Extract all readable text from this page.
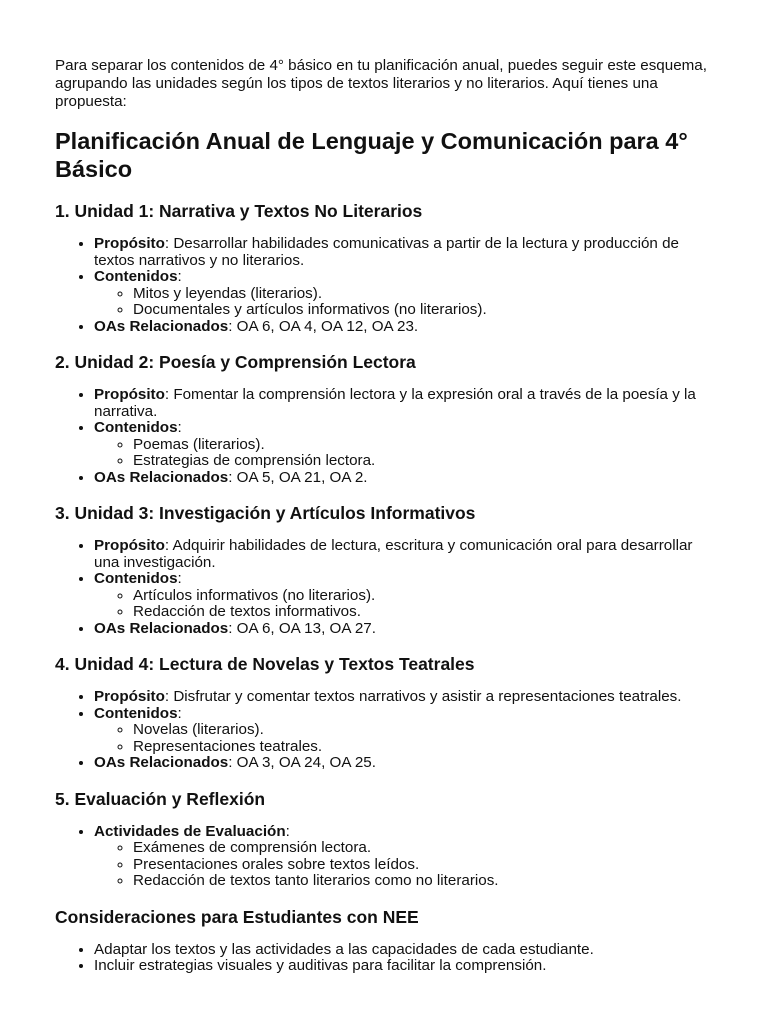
Para separar los contenidos de 4° básico en tu planificación anual, puedes seguir este esquema, agrupando las unidades según los tipos de textos literarios y no literarios. Aquí tienes una propuesta:

Planificación Anual de Lenguaje y Comunicación para 4° Básico
1. Unidad 1: Narrativa y Textos No Literarios
• Propósito: Desarrollar habilidades comunicativas a partir de la lectura y producción de textos narrativos y no literarios.
• Contenidos:
◦ Mitos y leyendas (literarios).
◦ Documentales y artículos informativos (no literarios).
• OAs Relacionados: OA 6, OA 4, OA 12, OA 23.
2. Unidad 2: Poesía y Comprensión Lectora
• Propósito: Fomentar la comprensión lectora y la expresión oral a través de la poesía y la narrativa.
• Contenidos:
◦ Poemas (literarios).
◦ Estrategias de comprensión lectora.
• OAs Relacionados: OA 5, OA 21, OA 2.
3. Unidad 3: Investigación y Artículos Informativos
• Propósito: Adquirir habilidades de lectura, escritura y comunicación oral para desarrollar una investigación.
• Contenidos:
◦ Artículos informativos (no literarios).
◦ Redacción de textos informativos.
• OAs Relacionados: OA 6, OA 13, OA 27.
4. Unidad 4: Lectura de Novelas y Textos Teatrales
• Propósito: Disfrutar y comentar textos narrativos y asistir a representaciones teatrales.
• Contenidos:
◦ Novelas (literarios).
◦ Representaciones teatrales.
• OAs Relacionados: OA 3, OA 24, OA 25.
5. Evaluación y Reflexión
• Actividades de Evaluación:
◦ Exámenes de comprensión lectora.
◦ Presentaciones orales sobre textos leídos.
◦ Redacción de textos tanto literarios como no literarios.
Consideraciones para Estudiantes con NEE
• Adaptar los textos y las actividades a las capacidades de cada estudiante.
• Incluir estrategias visuales y auditivas para facilitar la comprensión.
